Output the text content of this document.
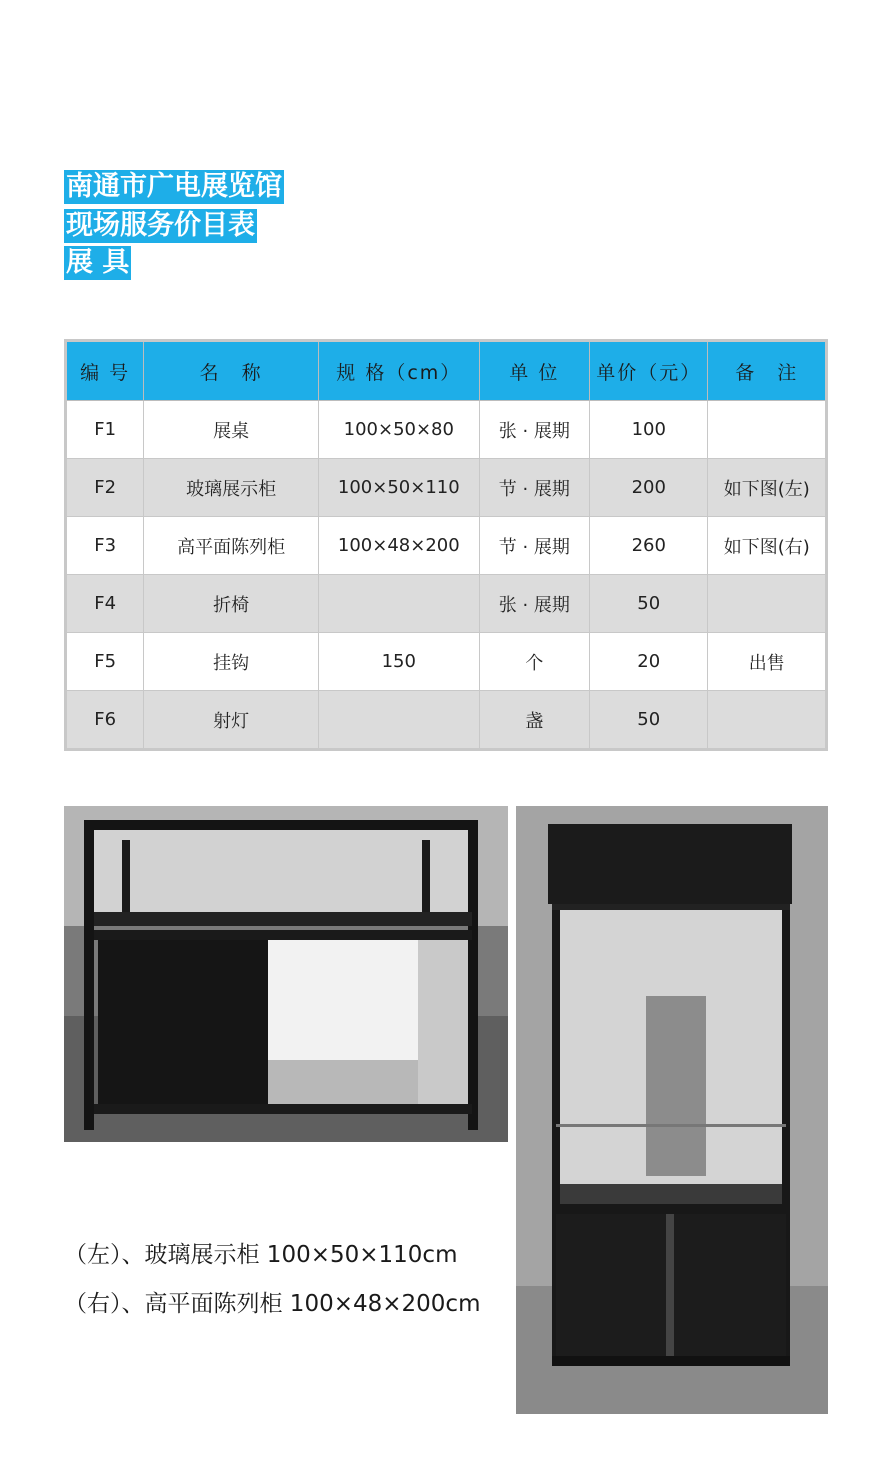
南通市广电展览馆
现场服务价目表
展 具
编 号	名　称	规 格（cm）	单 位	单价（元）	备　注
F1	展桌	100×50×80	张 · 展期	100	
F2	玻璃展示柜	100×50×110	节 · 展期	200	如下图(左)
F3	高平面陈列柜	100×48×200	节 · 展期	260	如下图(右)
F4	折椅		张 · 展期	50	
F5	挂钩	150	个	20	出售
F6	射灯		盏	50	
（左）、玻璃展示柜 100×50×110cm
（右）、高平面陈列柜 100×48×200cm
